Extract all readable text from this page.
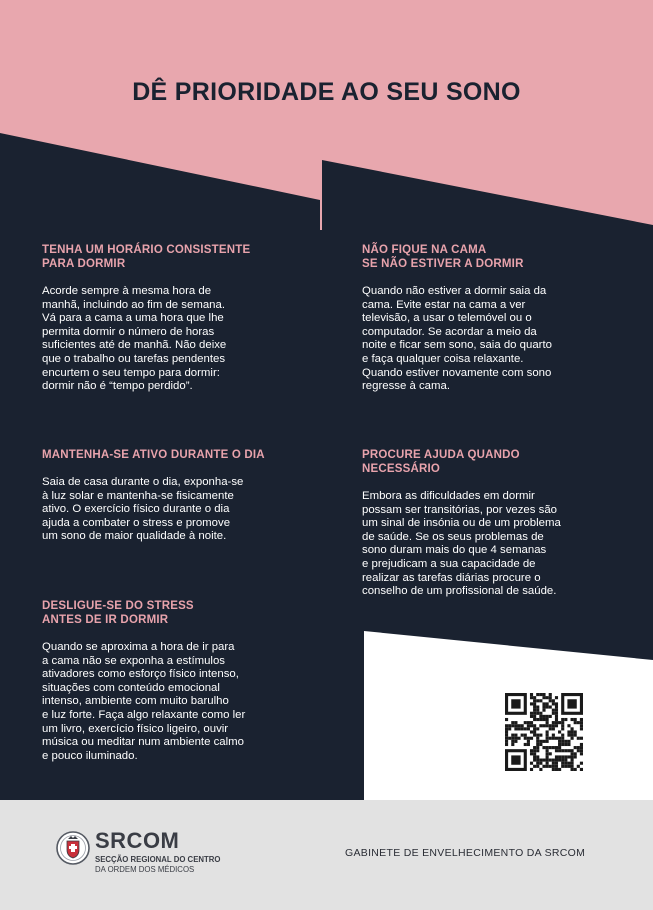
DÊ PRIORIDADE AO SEU SONO
TENHA UM HORÁRIO CONSISTENTE
PARA DORMIR

Acorde sempre à mesma hora de
manhã, incluindo ao fim de semana.
Vá para a cama a uma hora que lhe
permita dormir o número de horas
suficientes até de manhã. Não deixe
que o trabalho ou tarefas pendentes
encurtem o seu tempo para dormir:
dormir não é “tempo perdido”.

MANTENHA-SE ATIVO DURANTE O DIA

Saia de casa durante o dia, exponha-se
à luz solar e mantenha-se fisicamente
ativo. O exercício físico durante o dia
ajuda a combater o stress e promove
um sono de maior qualidade à noite.

DESLIGUE-SE DO STRESS
ANTES DE IR DORMIR

Quando se aproxima a hora de ir para
a cama não se exponha a estímulos
ativadores como esforço físico intenso,
situações com conteúdo emocional
intenso, ambiente com muito barulho
e luz forte. Faça algo relaxante como ler
um livro, exercício físico ligeiro, ouvir
música ou meditar num ambiente calmo
e pouco iluminado.

NÃO FIQUE NA CAMA
SE NÃO ESTIVER A DORMIR

Quando não estiver a dormir saia da
cama. Evite estar na cama a ver
televisão, a usar o telemóvel ou o
computador. Se acordar a meio da
noite e ficar sem sono, saia do quarto
e faça qualquer coisa relaxante.
Quando estiver novamente com sono
regresse à cama.

PROCURE AJUDA QUANDO
NECESSÁRIO

Embora as dificuldades em dormir
possam ser transitórias, por vezes são
um sinal de insónia ou de um problema
de saúde. Se os seus problemas de
sono duram mais do que 4 semanas
e prejudicam a sua capacidade de
realizar as tarefas diárias procure o
conselho de um profissional de saúde.

SRCOM
SECÇÃO REGIONAL DO CENTRO
DA ORDEM DOS MÉDICOS
GABINETE DE ENVELHECIMENTO DA SRCOM
